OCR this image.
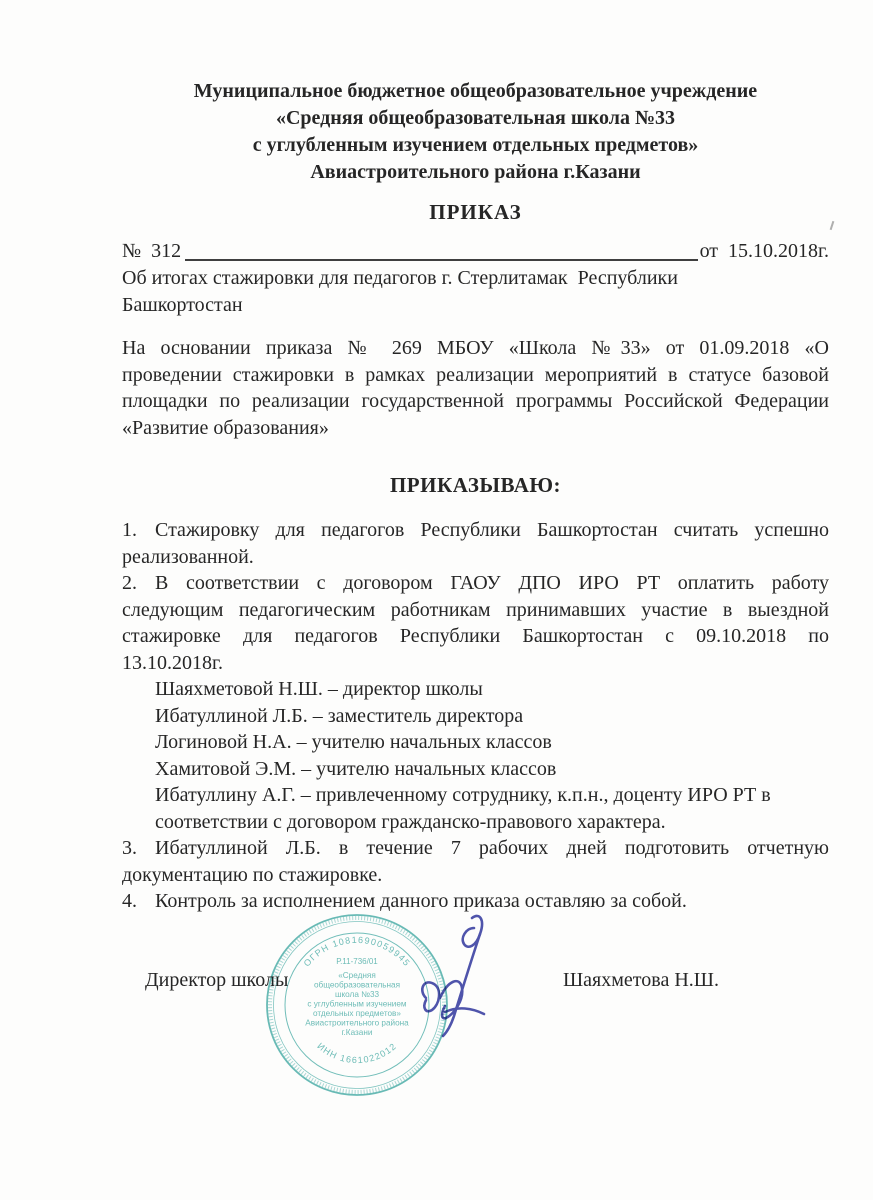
Муниципальное бюджетное общеобразовательное учреждение
«Средняя общеобразовательная школа №33
с углубленным изучением отдельных предметов»
Авиастроительного района г.Казани
ПРИКАЗ
№  312	от  15.10.2018г.
Об итогах стажировки для педагогов г. Стерлитамак  Республики
Башкортостан
На основании приказа № 269 МБОУ «Школа №33» от 01.09.2018 «О
проведении стажировки в рамках реализации мероприятий в статусе базовой
площадки по реализации государственной программы Российской Федерации
«Развитие образования»
ПРИКАЗЫВАЮ:
1. Стажировку для педагогов Республики Башкортостан считать успешно
реализованной.
2. В соответствии с договором ГАОУ ДПО ИРО РТ оплатить работу
следующим педагогическим работникам принимавших участие в выездной
стажировке для педагогов Республики Башкортостан с 09.10.2018 по
13.10.2018г.
Шаяхметовой Н.Ш. – директор школы
Ибатуллиной Л.Б. – заместитель директора
Логиновой Н.А. – учителю начальных классов
Хамитовой Э.М. – учителю начальных классов
Ибатуллину А.Г. – привлеченному сотруднику, к.п.н., доценту ИРО РТ в
соответствии с договором гражданско-правового характера.
3. Ибатуллиной Л.Б. в течение 7 рабочих дней подготовить отчетную
документацию по стажировке.
4. Контроль за исполнением данного приказа оставляю за собой.
Директор школы	Шаяхметова Н.Ш.
ОГРН 1081690059945
Р.11-736/01
«Средняя
общеобразовательная
школа №33
с углубленным изучением
отдельных предметов»
Авиастроительного района
г.Казани
ИНН 1661022012
